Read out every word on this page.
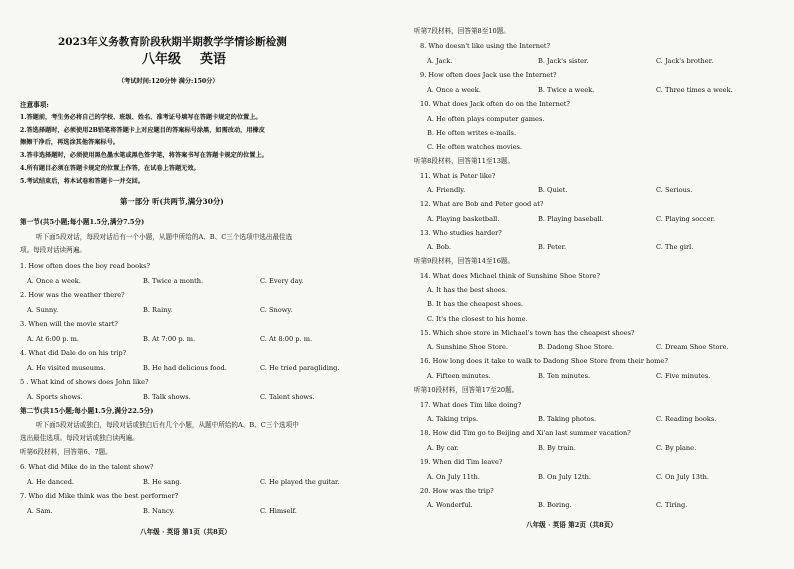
2023年义务教育阶段秋期半期教学学情诊断检测
八年级 英语
（考试时间:120分钟 满分:150分）
注意事项:
1.答题前，考生务必将自己的学校、班级、姓名、准考证号填写在答题卡规定的位置上。
2.答选择题时，必须使用2B铅笔将答题卡上对应题目的答案标号涂黑，如需改动，用橡皮
擦擦干净后，再选涂其他答案标号。
3.答非选择题时，必须使用黑色墨水笔或黑色签字笔，将答案书写在答题卡规定的位置上。
4.所有题目必须在答题卡规定的位置上作答，在试卷上答题无效。
5.考试结束后，将本试卷和答题卡一并交回。
第一部分 听(共两节,满分30分)
第一节(共5小题;每小题1.5分,满分7.5分)
听下面5段对话，每段对话后有一个小题，从题中所给的A、B、C三个选项中选出最佳选
项。每段对话读两遍。
1. How often does the boy read books?
A. Once a week.	B. Twice a month.	C. Every day.
2. How was the weather there?
A. Sunny.	B. Rainy.	C. Snowy.
3. When will the movie start?
A. At 6:00 p. m.	B. At 7:00 p. m.	C. At 8:00 p. m.
4. What did Dale do on his trip?
A. He visited museums.	B. He had delicious food.	C. He tried paragliding.
5 . What kind of shows does John like?
A. Sports shows.	B. Talk shows.	C. Talent shows.
第二节(共15小题;每小题1.5分,满分22.5分)
听下面5段对话或独白，每段对话或独白后有几个小题，从题中所给的A、B、C三个选项中
选出最佳选项。每段对话或独白读两遍。
听第6段材料，回答第6、7题。
6. What did Mike do in the talent show?
A. He danced.	B. He sang.	C. He played the guitar.
7. Who did Mike think was the best performer?
A. Sam.	B. Nancy.	C. Himself.
八年级 · 英语 第1页（共8页）
听第7段材料，回答第8至10题。
8. Who doesn't like using the Internet?
A. Jack.	B. Jack's sister.	C. Jack's brother.
9. How often does Jack use the Internet?
A. Once a week.	B. Twice a week.	C. Three times a week.
10. What does Jack often do on the Internet?
A. He often plays computer games.
B. He often writes e-mails.
C. He often watches movies.
听第8段材料，回答第11至13题。
11. What is Peter like?
A. Friendly.	B. Quiet.	C. Serious.
12. What are Bob and Peter good at?
A. Playing basketball.	B. Playing baseball.	C. Playing soccer.
13. Who studies harder?
A. Bob.	B. Peter.	C. The girl.
听第9段材料，回答第14至16题。
14. What does Michael think of Sunshine Shoe Store?
A. It has the best shoes.
B. It has the cheapest shoes.
C. It's the closest to his home.
15. Which shoe store in Michael's town has the cheapest shoes?
A. Sunshine Shoe Store.	B. Dadong Shoe Store.	C. Dream Shoe Store.
16. How long does it take to walk to Dadong Shoe Store from their home?
A. Fifteen minutes.	B. Ten minutes.	C. Five minutes.
听第10段材料，回答第17至20题。
17. What does Tim like doing?
A. Taking trips.	B. Taking photos.	C. Reading books.
18. How did Tim go to Beijing and Xi'an last summer vacation?
A. By car.	B. By train.	C. By plane.
19. When did Tim leave?
A. On July 11th.	B. On July 12th.	C. On July 13th.
20. How was the trip?
A. Wonderful.	B. Boring.	C. Tiring.
八年级 · 英语 第2页（共8页）
